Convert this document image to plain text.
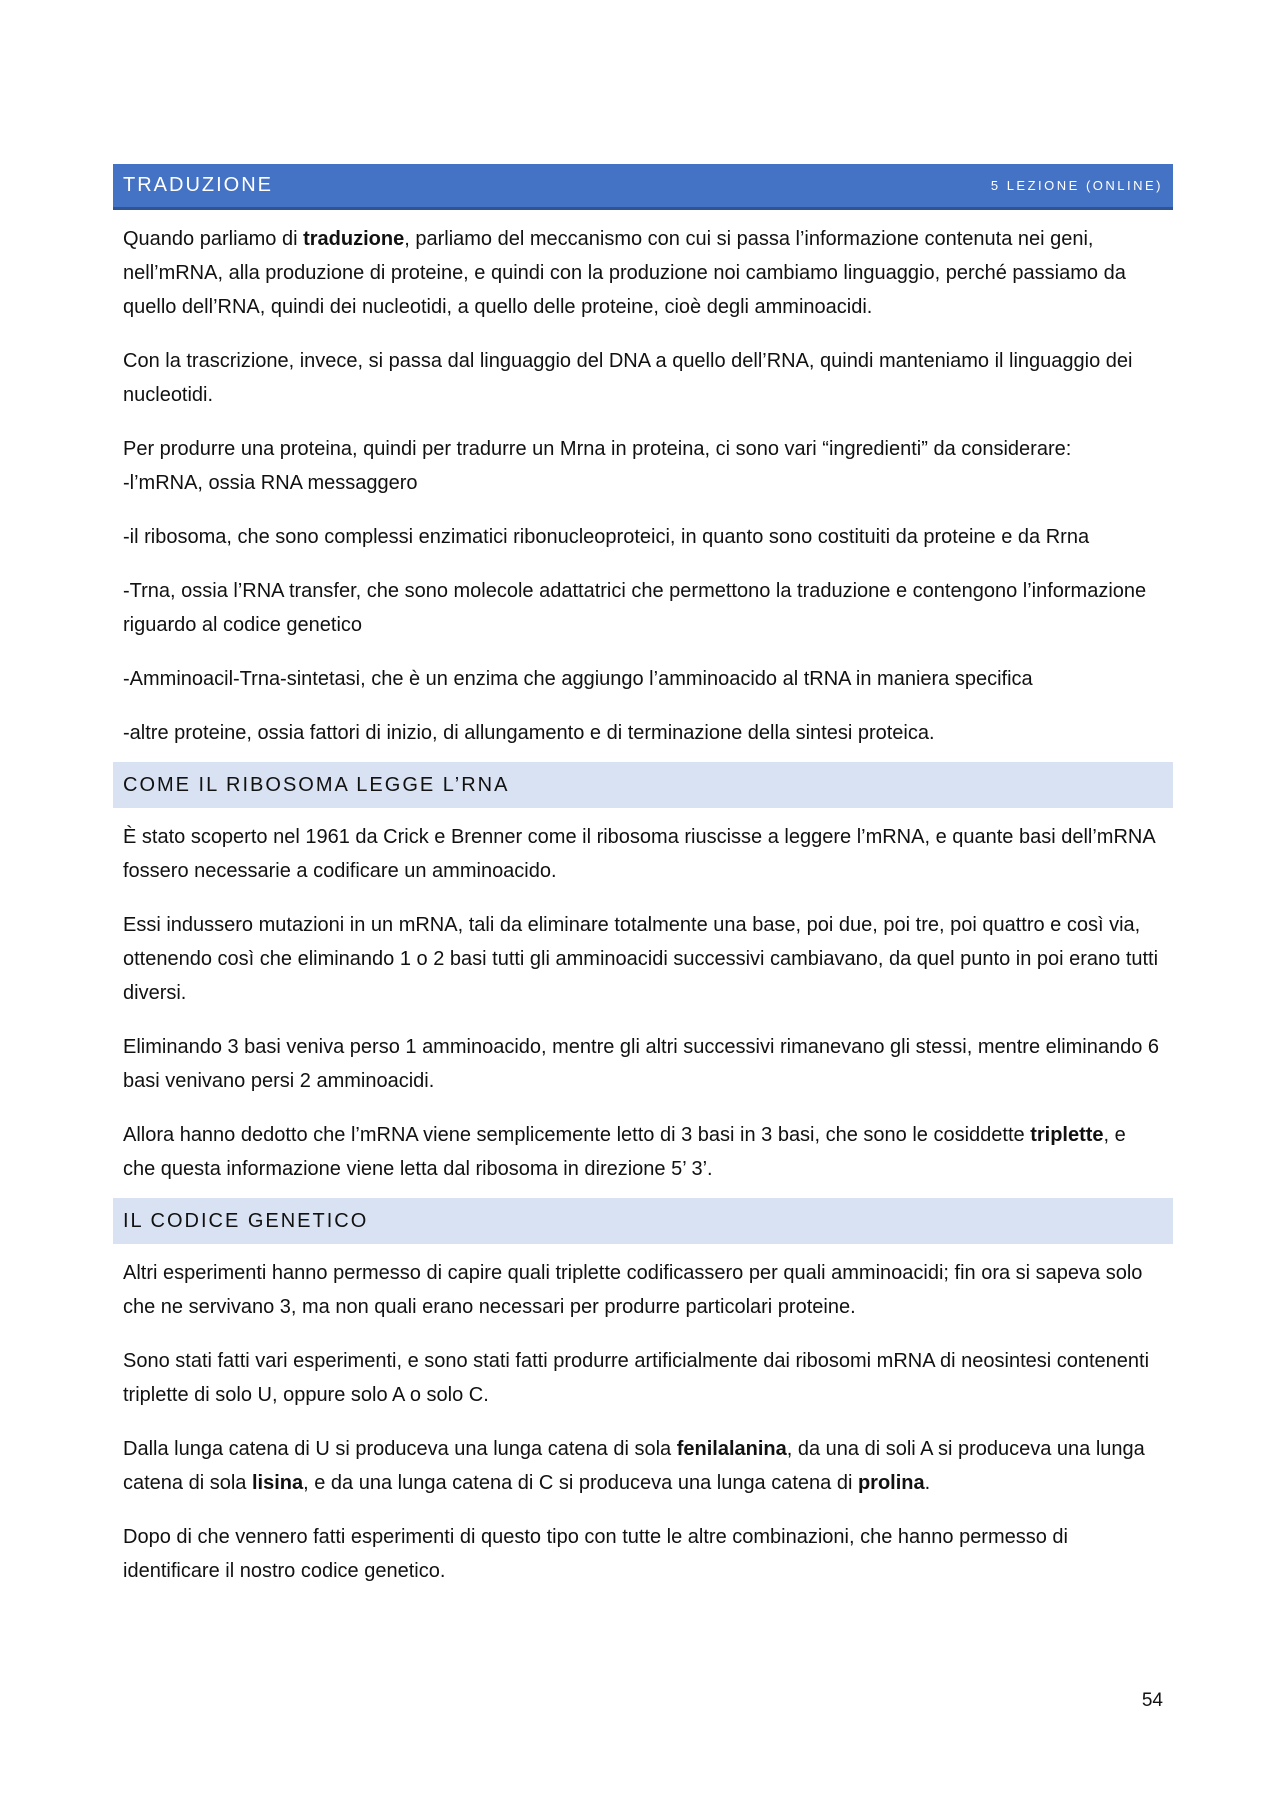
TRADUZIONE	5 LEZIONE (ONLINE)

Quando parliamo di traduzione, parliamo del meccanismo con cui si passa l’informazione contenuta nei geni, nell’mRNA, alla produzione di proteine, e quindi con la produzione noi cambiamo linguaggio, perché passiamo da quello dell’RNA, quindi dei nucleotidi, a quello delle proteine, cioè degli amminoacidi.

Con la trascrizione, invece, si passa dal linguaggio del DNA a quello dell’RNA, quindi manteniamo il linguaggio dei nucleotidi.

Per produrre una proteina, quindi per tradurre un Mrna in proteina, ci sono vari “ingredienti” da considerare:

-l’mRNA, ossia RNA messaggero

-il ribosoma, che sono complessi enzimatici ribonucleoproteici, in quanto sono costituiti da proteine e da Rrna

-Trna, ossia l’RNA transfer, che sono molecole adattatrici che permettono la traduzione e contengono l’informazione riguardo al codice genetico

-Amminoacil-Trna-sintetasi, che è un enzima che aggiungo l’amminoacido al tRNA in maniera specifica

-altre proteine, ossia fattori di inizio, di allungamento e di terminazione della sintesi proteica.

COME IL RIBOSOMA LEGGE L’RNA

È stato scoperto nel 1961 da Crick e Brenner come il ribosoma riuscisse a leggere l’mRNA, e quante basi dell’mRNA fossero necessarie a codificare un amminoacido.

Essi indussero mutazioni in un mRNA, tali da eliminare totalmente una base, poi due, poi tre, poi quattro e così via, ottenendo così che eliminando 1 o 2 basi tutti gli amminoacidi successivi cambiavano, da quel punto in poi erano tutti diversi.

Eliminando 3 basi veniva perso 1 amminoacido, mentre gli altri successivi rimanevano gli stessi, mentre eliminando 6 basi venivano persi 2 amminoacidi.

Allora hanno dedotto che l’mRNA viene semplicemente letto di 3 basi in 3 basi, che sono le cosiddette triplette, e che questa informazione viene letta dal ribosoma in direzione 5’ 3’.

IL CODICE GENETICO

Altri esperimenti hanno permesso di capire quali triplette codificassero per quali amminoacidi; fin ora si sapeva solo che ne servivano 3, ma non quali erano necessari per produrre particolari proteine.

Sono stati fatti vari esperimenti, e sono stati fatti produrre artificialmente dai ribosomi mRNA di neosintesi contenenti triplette di solo U, oppure solo A o solo C.

Dalla lunga catena di U si produceva una lunga catena di sola fenilalanina, da una di soli A si produceva una lunga catena di sola lisina, e da una lunga catena di C si produceva una lunga catena di prolina.

Dopo di che vennero fatti esperimenti di questo tipo con tutte le altre combinazioni, che hanno permesso di identificare il nostro codice genetico.

54
